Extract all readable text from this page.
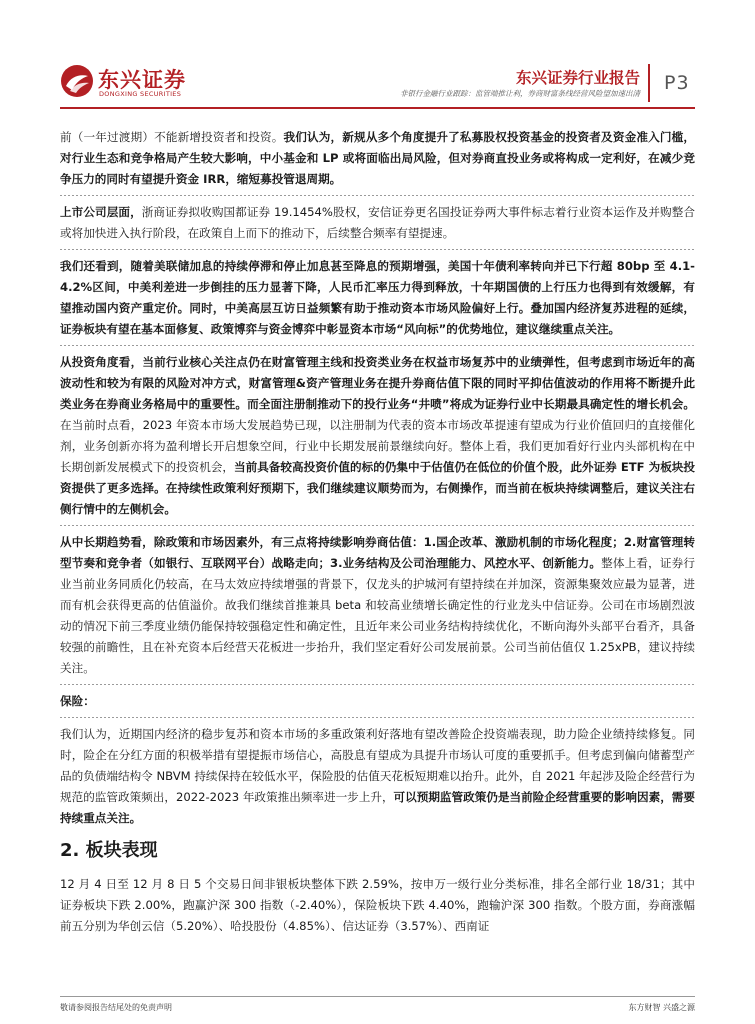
东兴证券
DONGXING SECURITIES
东兴证券行业报告
非银行金融行业跟踪：监管端推让利，券商财富条线经营风险望加速出清 P3

前（一年过渡期）不能新增投资者和投资。我们认为，新规从多个角度提升了私募股权投资基金的投资者及资金准入门槛，对行业生态和竞争格局产生较大影响，中小基金和 LP 或将面临出局风险，但对券商直投业务或将构成一定利好，在减少竞争压力的同时有望提升资金 IRR，缩短募投管退周期。

上市公司层面，浙商证券拟收购国都证券 19.1454%股权，安信证券更名国投证券两大事件标志着行业资本运作及并购整合或将加快进入执行阶段，在政策自上而下的推动下，后续整合频率有望提速。

我们还看到，随着美联储加息的持续停滞和停止加息甚至降息的预期增强，美国十年债利率转向并已下行超 80bp 至 4.1-4.2%区间，中美利差进一步倒挂的压力显著下降，人民币汇率压力得到释放，十年期国债的上行压力也得到有效缓解，有望推动国内资产重定价。同时，中美高层互访日益频繁有助于推动资本市场风险偏好上行。叠加国内经济复苏进程的延续，证券板块有望在基本面修复、政策博弈与资金博弈中彰显资本市场“风向标”的优势地位，建议继续重点关注。

从投资角度看，当前行业核心关注点仍在财富管理主线和投资类业务在权益市场复苏中的业绩弹性，但考虑到市场近年的高波动性和较为有限的风险对冲方式，财富管理&资产管理业务在提升券商估值下限的同时平抑估值波动的作用将不断提升此类业务在券商业务格局中的重要性。而全面注册制推动下的投行业务“井喷”将成为证券行业中长期最具确定性的增长机会。在当前时点看，2023 年资本市场大发展趋势已现，以注册制为代表的资本市场改革提速有望成为行业价值回归的直接催化剂，业务创新亦将为盈利增长开启想象空间，行业中长期发展前景继续向好。整体上看，我们更加看好行业内头部机构在中长期创新发展模式下的投资机会，当前具备较高投资价值的标的仍集中于估值仍在低位的价值个股，此外证券 ETF 为板块投资提供了更多选择。在持续性政策利好预期下，我们继续建议顺势而为，右侧操作，而当前在板块持续调整后，建议关注右侧行情中的左侧机会。

从中长期趋势看，除政策和市场因素外，有三点将持续影响券商估值：1.国企改革、激励机制的市场化程度；2.财富管理转型节奏和竞争者（如银行、互联网平台）战略走向；3.业务结构及公司治理能力、风控水平、创新能力。整体上看，证券行业当前业务同质化仍较高，在马太效应持续增强的背景下，仅龙头的护城河有望持续在并加深，资源集聚效应最为显著，进而有机会获得更高的估值溢价。故我们继续首推兼具 beta 和较高业绩增长确定性的行业龙头中信证券。公司在市场剧烈波动的情况下前三季度业绩仍能保持较强稳定性和确定性，且近年来公司业务结构持续优化，不断向海外头部平台看齐，具备较强的前瞻性，且在补充资本后经营天花板进一步抬升，我们坚定看好公司发展前景。公司当前估值仅 1.25xPB，建议持续关注。

保险：

我们认为，近期国内经济的稳步复苏和资本市场的多重政策利好落地有望改善险企投资端表现，助力险企业绩持续修复。同时，险企在分红方面的积极举措有望提振市场信心，高股息有望成为具提升市场认可度的重要抓手。但考虑到偏向储蓄型产品的负债端结构令 NBVM 持续保持在较低水平，保险股的估值天花板短期难以抬升。此外，自 2021 年起涉及险企经营行为规范的监管政策频出，2022-2023 年政策推出频率进一步上升，可以预期监管政策仍是当前险企经营重要的影响因素，需要持续重点关注。

2. 板块表现

12 月 4 日至 12 月 8 日 5 个交易日间非银板块整体下跌 2.59%，按申万一级行业分类标准，排名全部行业 18/31；其中证券板块下跌 2.00%，跑赢沪深 300 指数（-2.40%），保险板块下跌 4.40%，跑输沪深 300 指数。个股方面，券商涨幅前五分别为华创云信（5.20%）、哈投股份（4.85%）、信达证券（3.57%）、西南证

敬请参阅报告结尾处的免责声明	东方财智 兴盛之源
